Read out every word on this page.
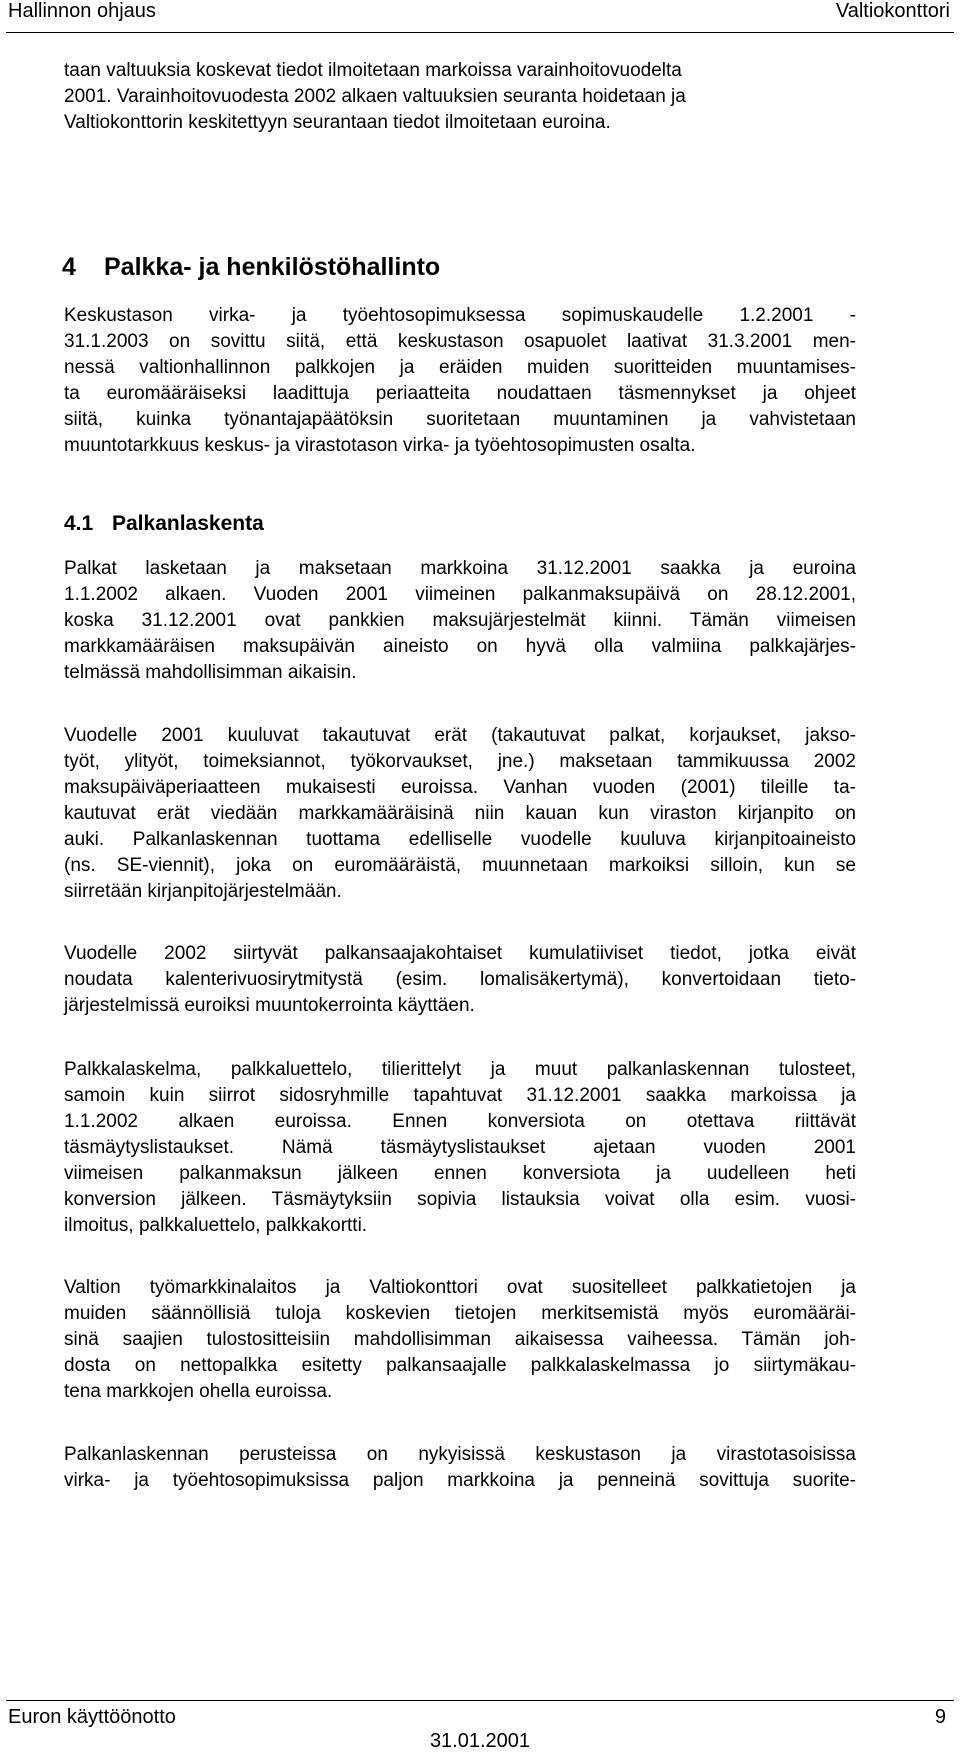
Hallinnon ohjaus	Valtiokonttori
taan valtuuksia koskevat tiedot ilmoitetaan markoissa varainhoitovuodelta
2001. Varainhoitovuodesta 2002 alkaen valtuuksien seuranta hoidetaan ja
Valtiokonttorin keskitettyyn seurantaan tiedot ilmoitetaan euroina.
4 Palkka- ja henkilöstöhallinto
Keskustason virka- ja työehtosopimuksessa sopimuskaudelle 1.2.2001 -
31.1.2003 on sovittu siitä, että keskustason osapuolet laativat 31.3.2001 men-
nessä valtionhallinnon palkkojen ja eräiden muiden suoritteiden muuntamises-
ta euromääräiseksi laadittuja periaatteita noudattaen täsmennykset ja ohjeet
siitä, kuinka työnantajapäätöksin suoritetaan muuntaminen ja vahvistetaan
muuntotarkkuus keskus- ja virastotason virka- ja työehtosopimusten osalta.
4.1 Palkanlaskenta
Palkat lasketaan ja maksetaan markkoina 31.12.2001 saakka ja euroina
1.1.2002 alkaen. Vuoden 2001 viimeinen palkanmaksupäivä on 28.12.2001,
koska 31.12.2001 ovat pankkien maksujärjestelmät kiinni. Tämän viimeisen
markkamääräisen maksupäivän aineisto on hyvä olla valmiina palkkajärjes-
telmässä mahdollisimman aikaisin.
Vuodelle 2001 kuuluvat takautuvat erät (takautuvat palkat, korjaukset, jakso-
työt, ylityöt, toimeksiannot, työkorvaukset, jne.) maksetaan tammikuussa 2002
maksupäiväperiaatteen mukaisesti euroissa. Vanhan vuoden (2001) tileille ta-
kautuvat erät viedään markkamääräisinä niin kauan kun viraston kirjanpito on
auki. Palkanlaskennan tuottama edelliselle vuodelle kuuluva kirjanpitoaineisto
(ns. SE-viennit), joka on euromääräistä, muunnetaan markoiksi silloin, kun se
siirretään kirjanpitojärjestelmään.
Vuodelle 2002 siirtyvät palkansaajakohtaiset kumulatiiviset tiedot, jotka eivät
noudata kalenterivuosirytmitystä (esim. lomalisäkertymä), konvertoidaan tieto-
järjestelmissä euroiksi muuntokerrointa käyttäen.
Palkkalaskelma, palkkaluettelo, tilierittelyt ja muut palkanlaskennan tulosteet,
samoin kuin siirrot sidosryhmille tapahtuvat 31.12.2001 saakka markoissa ja
1.1.2002 alkaen euroissa. Ennen konversiota on otettava riittävät
täsmäytyslistaukset. Nämä täsmäytyslistaukset ajetaan vuoden 2001
viimeisen palkanmaksun jälkeen ennen konversiota ja uudelleen heti
konversion jälkeen. Täsmäytyksiin sopivia listauksia voivat olla esim. vuosi-
ilmoitus, palkkaluettelo, palkkakortti.
Valtion työmarkkinalaitos ja Valtiokonttori ovat suositelleet palkkatietojen ja
muiden säännöllisiä tuloja koskevien tietojen merkitsemistä myös euromääräi-
sinä saajien tulostositteisiin mahdollisimman aikaisessa vaiheessa. Tämän joh-
dosta on nettopalkka esitetty palkansaajalle palkkalaskelmassa jo siirtymäkau-
tena markkojen ohella euroissa.
Palkanlaskennan perusteissa on nykyisissä keskustason ja virastotasoisissa
virka- ja työehtosopimuksissa paljon markkoina ja penneinä sovittuja suorite-
Euron käyttöönotto	9
31.01.2001
